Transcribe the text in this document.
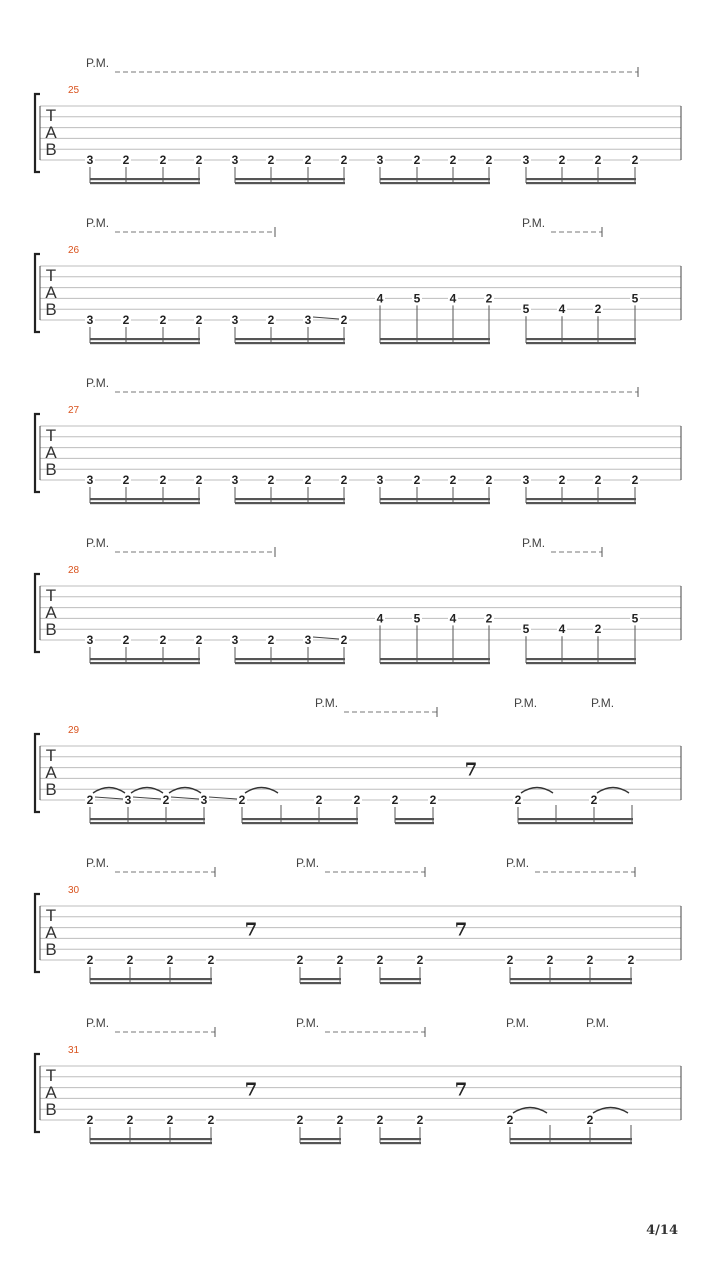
T
A
B
25
P.M.
3 2	2 2 3 2	2 2 3	2 2 2	3 2 2	2
T
A
B
26
P.M.	P.M.
3 2	2 2 3 2	3 2
4	5 4 2
5 4 2
5
T
A
B
27
P.M.
3 2	2 2 3 2	2 2 3	2 2 2	3 2 2	2
T
A
B
28
P.M.	P.M.
3 2	2 2 3 2	3 2
4	5 4 2
5 4 2
5
T
A
B
29
P.M.	P.M.	P.M.
2	3	2	3	2	2	2	2	2	2	2
7
T
A
B
30
P.M.	P.M.	P.M.
2	2	2	2	2	2	2	2	2	2	2	2
7	7
T
A
B
31
P.M.	P.M.	P.M.	P.M.
2	2	2	2	2	2	2	2	2	2
7	7
4/14
